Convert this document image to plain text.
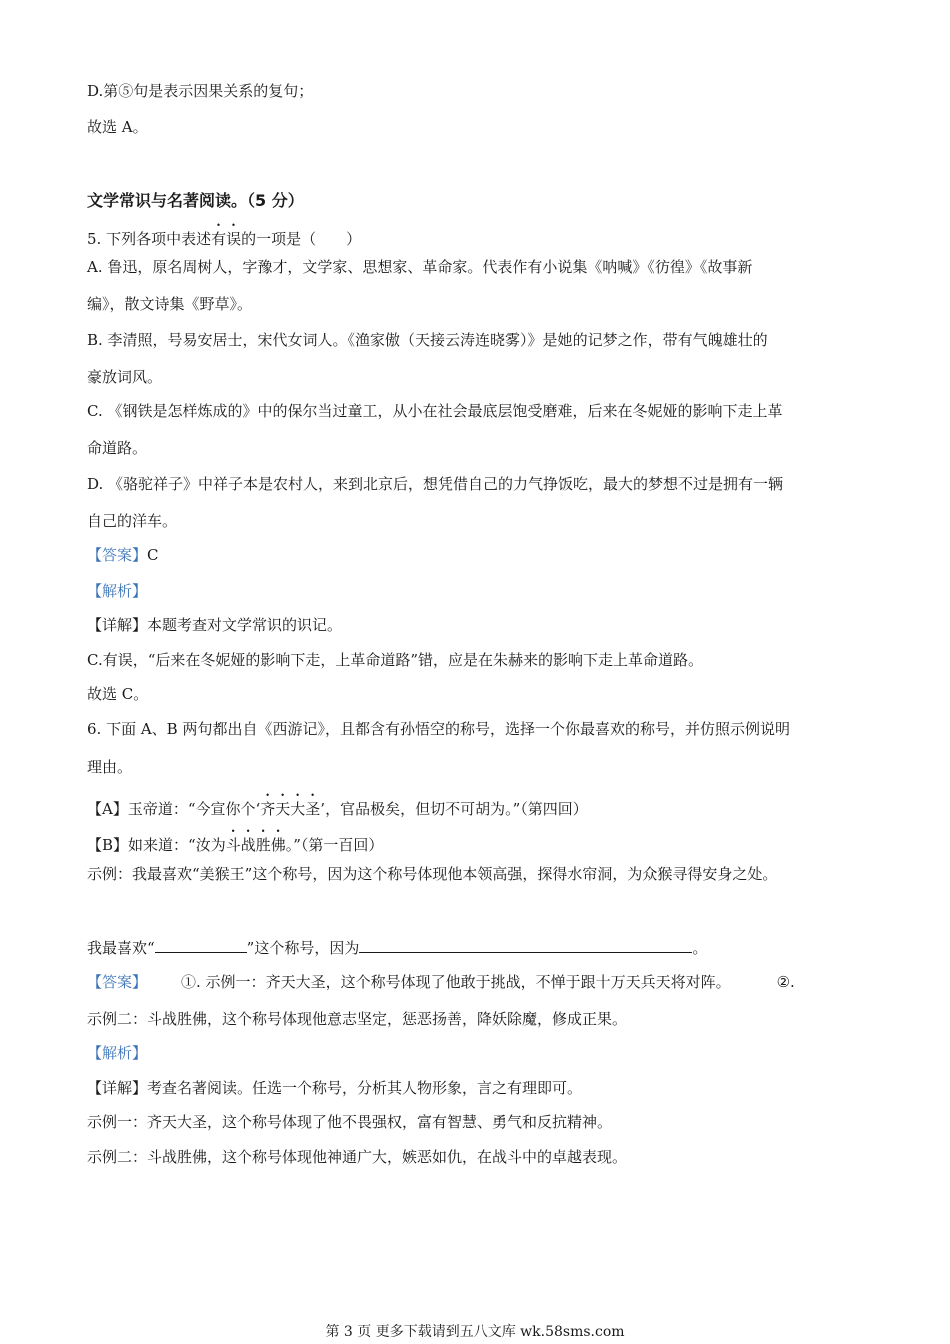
D.第⑤句是表示因果关系的复句；
故选 A。
文学常识与名著阅读。（5 分）
5. 下列各项中表述有误的一项是（　　）
A. 鲁迅，原名周树人，字豫才，文学家、思想家、革命家。代表作有小说集《呐喊》《彷徨》《故事新
编》，散文诗集《野草》。
B. 李清照，号易安居士，宋代女词人。《渔家傲（天接云涛连晓雾）》是她的记梦之作，带有气魄雄壮的
豪放词风。
C. 《钢铁是怎样炼成的》中的保尔当过童工，从小在社会最底层饱受磨难，后来在冬妮娅的影响下走上革
命道路。
D. 《骆驼祥子》中祥子本是农村人，来到北京后，想凭借自己的力气挣饭吃，最大的梦想不过是拥有一辆
自己的洋车。
【答案】C
【解析】
【详解】本题考查对文学常识的识记。
C.有误，“后来在冬妮娅的影响下走，上革命道路”错，应是在朱赫来的影响下走上革命道路。
故选 C。
6. 下面 A、B 两句都出自《西游记》，且都含有孙悟空的称号，选择一个你最喜欢的称号，并仿照示例说明
理由。
【A】玉帝道：“今宣你个‘齐天大圣’，官品极矣，但切不可胡为。”（第四回）
【B】如来道：“汝为斗战胜佛。”（第一百回）
示例：我最喜欢“美猴王”这个称号，因为这个称号体现他本领高强，探得水帘洞，为众猴寻得安身之处。
我最喜欢“	”这个称号，因为	。
【答案】 ①. 示例一：齐天大圣，这个称号体现了他敢于挑战，不惮于跟十万天兵天将对阵。	②.
示例二：斗战胜佛，这个称号体现他意志坚定，惩恶扬善，降妖除魔，修成正果。
【解析】
【详解】考查名著阅读。任选一个称号，分析其人物形象，言之有理即可。
示例一：齐天大圣，这个称号体现了他不畏强权，富有智慧、勇气和反抗精神。
示例二：斗战胜佛，这个称号体现他神通广大，嫉恶如仇，在战斗中的卓越表现。
第 3 页 更多下载请到五八文库 wk.58sms.com
